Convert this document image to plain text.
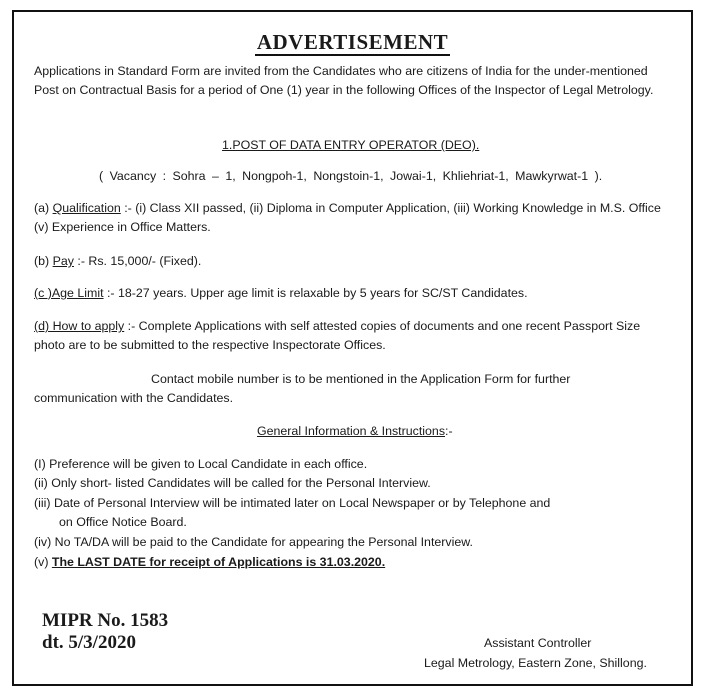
ADVERTISEMENT
Applications in Standard Form are invited from the Candidates who are citizens of India for the under-mentioned Post on Contractual Basis for a period of One (1) year in the following Offices of the Inspector of Legal Metrology.
1.POST OF DATA ENTRY OPERATOR (DEO).
( Vacancy : Sohra – 1, Nongpoh-1, Nongstoin-1, Jowai-1, Khliehriat-1, Mawkyrwat-1 ).
(a) Qualification :- (i) Class XII passed, (ii) Diploma in Computer Application, (iii) Working Knowledge in M.S. Office (v) Experience in Office Matters.
(b) Pay :- Rs. 15,000/- (Fixed).
(c )Age Limit :- 18-27 years. Upper age limit is relaxable by 5 years for SC/ST Candidates.
(d) How to apply :- Complete Applications with self attested copies of documents and one recent Passport Size photo are to be submitted to the respective Inspectorate Offices.
Contact mobile number is to be mentioned in the Application Form for further
communication with the Candidates.
General Information & Instructions:-
(I) Preference will be given to Local Candidate in each office.
(ii) Only short- listed Candidates will be called for the Personal Interview.
(iii) Date of Personal Interview will be intimated later on Local Newspaper or by Telephone and
on Office Notice Board.
(iv) No TA/DA will be paid to the Candidate for appearing the Personal Interview.
(v) The LAST DATE for receipt of Applications is 31.03.2020.
MIPR No. 1583
dt. 5/3/2020	Assistant Controller
Legal Metrology, Eastern Zone, Shillong.
